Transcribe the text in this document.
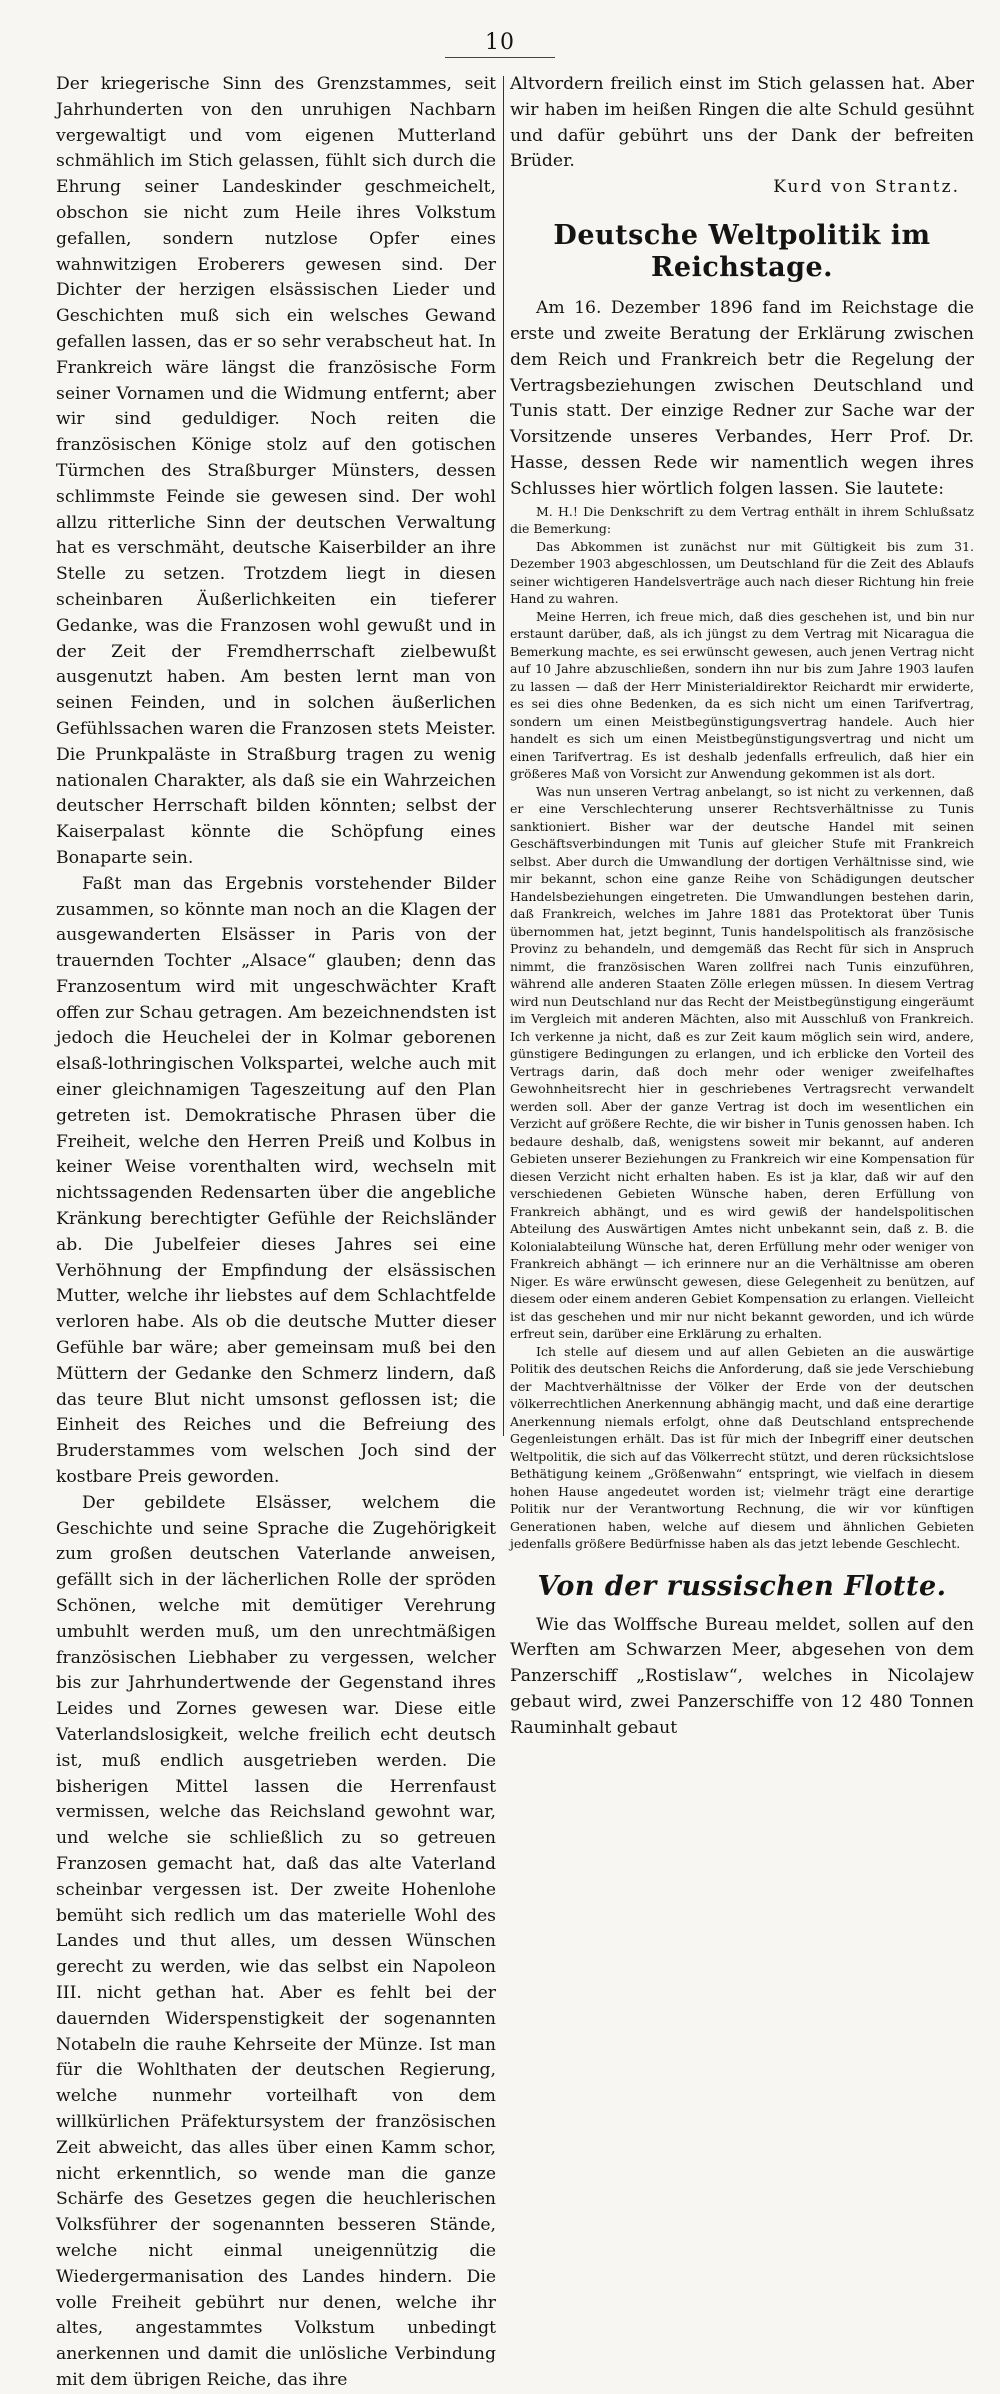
10

Der kriegerische Sinn des Grenzstammes, seit Jahrhunderten von den unruhigen Nachbarn vergewaltigt und vom eigenen Mutterland schmählich im Stich gelassen, fühlt sich durch die Ehrung seiner Landeskinder geschmeichelt, obschon sie nicht zum Heile ihres Volkstum gefallen, sondern nutzlose Opfer eines wahnwitzigen Eroberers gewesen sind. Der Dichter der herzigen elsässischen Lieder und Geschichten muß sich ein welsches Gewand gefallen lassen, das er so sehr verabscheut hat. In Frankreich wäre längst die französische Form seiner Vornamen und die Widmung entfernt; aber wir sind geduldiger. Noch reiten die französischen Könige stolz auf den gotischen Türmchen des Straßburger Münsters, dessen schlimmste Feinde sie gewesen sind. Der wohl allzu ritterliche Sinn der deutschen Verwaltung hat es verschmäht, deutsche Kaiserbilder an ihre Stelle zu setzen. Trotzdem liegt in diesen scheinbaren Äußerlichkeiten ein tieferer Gedanke, was die Franzosen wohl gewußt und in der Zeit der Fremdherrschaft zielbewußt ausgenutzt haben. Am besten lernt man von seinen Feinden, und in solchen äußerlichen Gefühlssachen waren die Franzosen stets Meister. Die Prunkpaläste in Straßburg tragen zu wenig nationalen Charakter, als daß sie ein Wahrzeichen deutscher Herrschaft bilden könnten; selbst der Kaiserpalast könnte die Schöpfung eines Bonaparte sein.

Faßt man das Ergebnis vorstehender Bilder zusammen, so könnte man noch an die Klagen der ausgewanderten Elsässer in Paris von der trauernden Tochter „Alsace“ glauben; denn das Franzosentum wird mit ungeschwächter Kraft offen zur Schau getragen. Am bezeichnendsten ist jedoch die Heuchelei der in Kolmar geborenen elsaß-lothringischen Volkspartei, welche auch mit einer gleichnamigen Tageszeitung auf den Plan getreten ist. Demokratische Phrasen über die Freiheit, welche den Herren Preiß und Kolbus in keiner Weise vorenthalten wird, wechseln mit nichtssagenden Redensarten über die angebliche Kränkung berechtigter Gefühle der Reichsländer ab. Die Jubelfeier dieses Jahres sei eine Verhöhnung der Empfindung der elsässischen Mutter, welche ihr liebstes auf dem Schlachtfelde verloren habe. Als ob die deutsche Mutter dieser Gefühle bar wäre; aber gemeinsam muß bei den Müttern der Gedanke den Schmerz lindern, daß das teure Blut nicht umsonst geflossen ist; die Einheit des Reiches und die Befreiung des Bruderstammes vom welschen Joch sind der kostbare Preis geworden.

Der gebildete Elsässer, welchem die Geschichte und seine Sprache die Zugehörigkeit zum großen deutschen Vaterlande anweisen, gefällt sich in der lächerlichen Rolle der spröden Schönen, welche mit demütiger Verehrung umbuhlt werden muß, um den unrechtmäßigen französischen Liebhaber zu vergessen, welcher bis zur Jahrhundertwende der Gegenstand ihres Leides und Zornes gewesen war. Diese eitle Vaterlandslosigkeit, welche freilich echt deutsch ist, muß endlich ausgetrieben werden. Die bisherigen Mittel lassen die Herrenfaust vermissen, welche das Reichsland gewohnt war, und welche sie schließlich zu so getreuen Franzosen gemacht hat, daß das alte Vaterland scheinbar vergessen ist. Der zweite Hohenlohe bemüht sich redlich um das materielle Wohl des Landes und thut alles, um dessen Wünschen gerecht zu werden, wie das selbst ein Napoleon III. nicht gethan hat. Aber es fehlt bei der dauernden Widerspenstigkeit der sogenannten Notabeln die rauhe Kehrseite der Münze. Ist man für die Wohlthaten der deutschen Regierung, welche nunmehr vorteilhaft von dem willkürlichen Präfektursystem der französischen Zeit abweicht, das alles über einen Kamm schor, nicht erkenntlich, so wende man die ganze Schärfe des Gesetzes gegen die heuchlerischen Volksführer der sogenannten besseren Stände, welche nicht einmal uneigennützig die Wiedergermanisation des Landes hindern. Die volle Freiheit gebührt nur denen, welche ihr altes, angestammtes Volkstum unbedingt anerkennen und damit die unlösliche Verbindung mit dem übrigen Reiche, das ihre

Altvordern freilich einst im Stich gelassen hat. Aber wir haben im heißen Ringen die alte Schuld gesühnt und dafür gebührt uns der Dank der befreiten Brüder.

Kurd von Strantz.
Deutsche Weltpolitik im Reichstage.

Am 16. Dezember 1896 fand im Reichstage die erste und zweite Beratung der Erklärung zwischen dem Reich und Frankreich betr die Regelung der Vertragsbeziehungen zwischen Deutschland und Tunis statt. Der einzige Redner zur Sache war der Vorsitzende unseres Verbandes, Herr Prof. Dr. Hasse, dessen Rede wir namentlich wegen ihres Schlusses hier wörtlich folgen lassen. Sie lautete:

M. H.! Die Denkschrift zu dem Vertrag enthält in ihrem Schlußsatz die Bemerkung:

Das Abkommen ist zunächst nur mit Gültigkeit bis zum 31. Dezember 1903 abgeschlossen, um Deutschland für die Zeit des Ablaufs seiner wichtigeren Handelsverträge auch nach dieser Richtung hin freie Hand zu wahren.

Meine Herren, ich freue mich, daß dies geschehen ist, und bin nur erstaunt darüber, daß, als ich jüngst zu dem Vertrag mit Nicaragua die Bemerkung machte, es sei erwünscht gewesen, auch jenen Vertrag nicht auf 10 Jahre abzuschließen, sondern ihn nur bis zum Jahre 1903 laufen zu lassen — daß der Herr Ministerialdirektor Reichardt mir erwiderte, es sei dies ohne Bedenken, da es sich nicht um einen Tarifvertrag, sondern um einen Meistbegünstigungsvertrag handele. Auch hier handelt es sich um einen Meistbegünstigungsvertrag und nicht um einen Tarifvertrag. Es ist deshalb jedenfalls erfreulich, daß hier ein größeres Maß von Vorsicht zur Anwendung gekommen ist als dort.

Was nun unseren Vertrag anbelangt, so ist nicht zu verkennen, daß er eine Verschlechterung unserer Rechtsverhältnisse zu Tunis sanktioniert. Bisher war der deutsche Handel mit seinen Geschäftsverbindungen mit Tunis auf gleicher Stufe mit Frankreich selbst. Aber durch die Umwandlung der dortigen Verhältnisse sind, wie mir bekannt, schon eine ganze Reihe von Schädigungen deutscher Handelsbeziehungen eingetreten. Die Umwandlungen bestehen darin, daß Frankreich, welches im Jahre 1881 das Protektorat über Tunis übernommen hat, jetzt beginnt, Tunis handelspolitisch als französische Provinz zu behandeln, und demgemäß das Recht für sich in Anspruch nimmt, die französischen Waren zollfrei nach Tunis einzuführen, während alle anderen Staaten Zölle erlegen müssen. In diesem Vertrag wird nun Deutschland nur das Recht der Meistbegünstigung eingeräumt im Vergleich mit anderen Mächten, also mit Ausschluß von Frankreich. Ich verkenne ja nicht, daß es zur Zeit kaum möglich sein wird, andere, günstigere Bedingungen zu erlangen, und ich erblicke den Vorteil des Vertrags darin, daß doch mehr oder weniger zweifelhaftes Gewohnheitsrecht hier in geschriebenes Vertragsrecht verwandelt werden soll. Aber der ganze Vertrag ist doch im wesentlichen ein Verzicht auf größere Rechte, die wir bisher in Tunis genossen haben. Ich bedaure deshalb, daß, wenigstens soweit mir bekannt, auf anderen Gebieten unserer Beziehungen zu Frankreich wir eine Kompensation für diesen Verzicht nicht erhalten haben. Es ist ja klar, daß wir auf den verschiedenen Gebieten Wünsche haben, deren Erfüllung von Frankreich abhängt, und es wird gewiß der handelspolitischen Abteilung des Auswärtigen Amtes nicht unbekannt sein, daß z. B. die Kolonialabteilung Wünsche hat, deren Erfüllung mehr oder weniger von Frankreich abhängt — ich erinnere nur an die Verhältnisse am oberen Niger. Es wäre erwünscht gewesen, diese Gelegenheit zu benützen, auf diesem oder einem anderen Gebiet Kompensation zu erlangen. Vielleicht ist das geschehen und mir nur nicht bekannt geworden, und ich würde erfreut sein, darüber eine Erklärung zu erhalten.

Ich stelle auf diesem und auf allen Gebieten an die auswärtige Politik des deutschen Reichs die Anforderung, daß sie jede Verschiebung der Machtverhältnisse der Völker der Erde von der deutschen völkerrechtlichen Anerkennung abhängig macht, und daß eine derartige Anerkennung niemals erfolgt, ohne daß Deutschland entsprechende Gegenleistungen erhält. Das ist für mich der Inbegriff einer deutschen Weltpolitik, die sich auf das Völkerrecht stützt, und deren rücksichtslose Bethätigung keinem „Größenwahn“ entspringt, wie vielfach in diesem hohen Hause angedeutet worden ist; vielmehr trägt eine derartige Politik nur der Verantwortung Rechnung, die wir vor künftigen Generationen haben, welche auf diesem und ähnlichen Gebieten jedenfalls größere Bedürfnisse haben als das jetzt lebende Geschlecht.

Von der russischen Flotte.

Wie das Wolffsche Bureau meldet, sollen auf den Werften am Schwarzen Meer, abgesehen von dem Panzerschiff „Rostislaw“, welches in Nicolajew gebaut wird, zwei Panzerschiffe von 12 480 Tonnen Rauminhalt gebaut
